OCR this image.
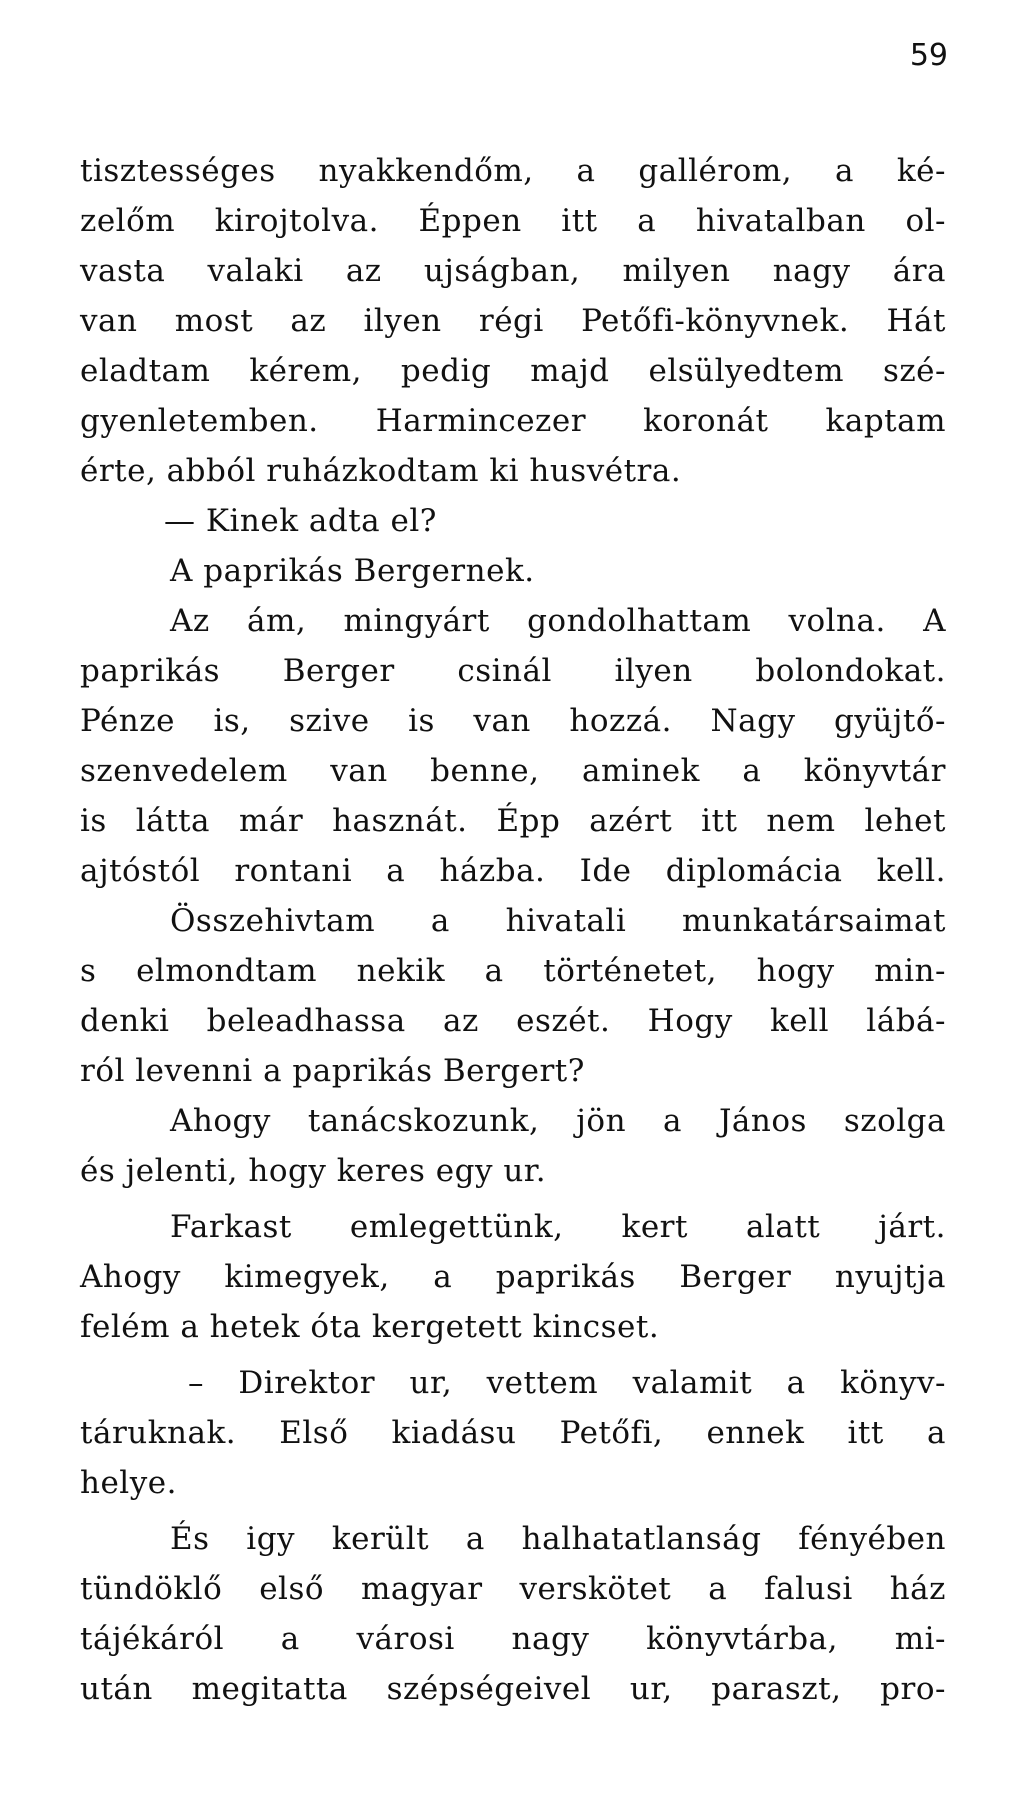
59
tisztességes nyakkendőm, a gallérom, a ké-
zelőm kirojtolva. Éppen itt a hivatalban ol-
vasta valaki az ujságban, milyen nagy ára
van most az ilyen régi Petőfi-könyvnek. Hát
eladtam kérem, pedig majd elsülyedtem szé-
gyenletemben. Harmincezer koronát kaptam
érte, abból ruházkodtam ki husvétra.
— Kinek adta el?
A paprikás Bergernek.
Az ám, mingyárt gondolhattam volna. A
paprikás Berger csinál ilyen bolondokat.
Pénze is, szive is van hozzá. Nagy gyüjtő-
szenvedelem van benne, aminek a könyvtár
is látta már hasznát. Épp azért itt nem lehet
ajtóstól rontani a házba. Ide diplomácia kell.
Összehivtam a hivatali munkatársaimat
s elmondtam nekik a történetet, hogy min-
denki beleadhassa az eszét. Hogy kell lábá-
ról levenni a paprikás Bergert?
Ahogy tanácskozunk, jön a János szolga
és jelenti, hogy keres egy ur.
Farkast emlegettünk, kert alatt járt.
Ahogy kimegyek, a paprikás Berger nyujtja
felém a hetek óta kergetett kincset.
– Direktor ur, vettem valamit a könyv-
táruknak. Első kiadásu Petőfi, ennek itt a
helye.
És igy került a halhatatlanság fényében
tündöklő első magyar verskötet a falusi ház
tájékáról a városi nagy könyvtárba, mi-
után megitatta szépségeivel ur, paraszt, pro-
